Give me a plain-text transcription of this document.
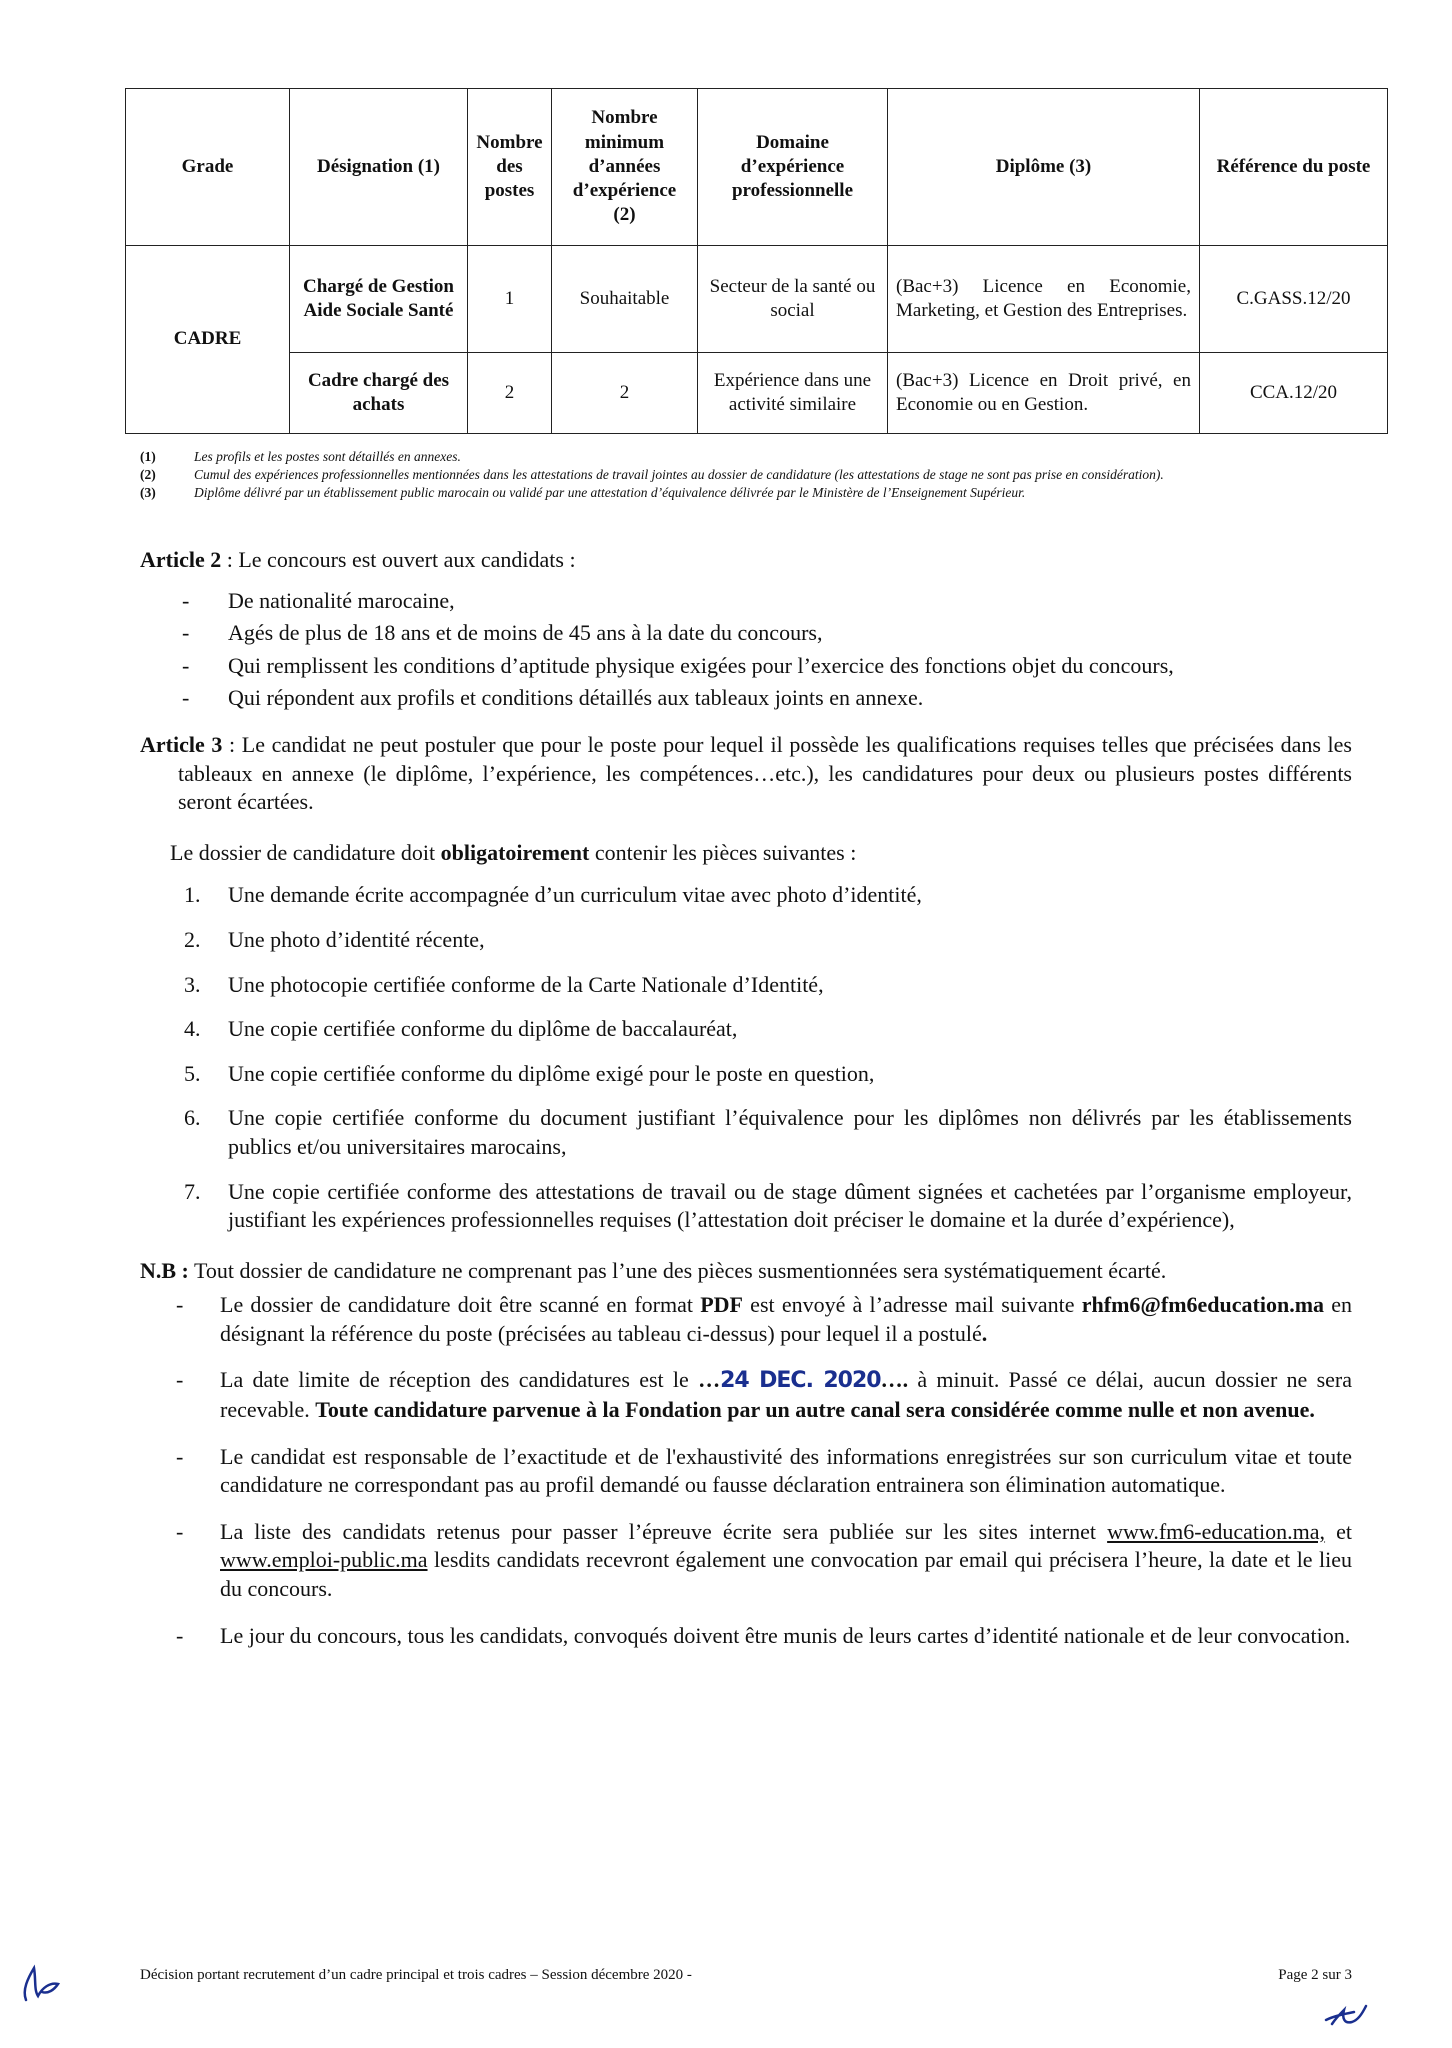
Grade	Désignation (1)	Nombre des postes	Nombre minimum d’années d’expérience (2)	Domaine d’expérience professionnelle	Diplôme (3)	Référence du poste
CADRE	Chargé de Gestion Aide Sociale Santé	1	Souhaitable	Secteur de la santé ou social	(Bac+3) Licence en Economie, Marketing, et Gestion des Entreprises.	C.GASS.12/20
	Cadre chargé des achats	2	2	Expérience dans une activité similaire	(Bac+3) Licence en Droit privé, en Economie ou en Gestion.	CCA.12/20
(1)	Les profils et les postes sont détaillés en annexes.
(2)	Cumul des expériences professionnelles mentionnées dans les attestations de travail jointes au dossier de candidature (les attestations de stage ne sont pas prise en considération).
(3)	Diplôme délivré par un établissement public marocain ou validé par une attestation d’équivalence délivrée par le Ministère de l’Enseignement Supérieur.

Article 2 : Le concours est ouvert aux candidats :

- De nationalité marocaine,
- Agés de plus de 18 ans et de moins de 45 ans à la date du concours,
- Qui remplissent les conditions d’aptitude physique exigées pour l’exercice des fonctions objet du concours,
- Qui répondent aux profils et conditions détaillés aux tableaux joints en annexe.

Article 3 : Le candidat ne peut postuler que pour le poste pour lequel il possède les qualifications requises telles que précisées dans les tableaux en annexe (le diplôme, l’expérience, les compétences…etc.), les candidatures pour deux ou plusieurs postes différents seront écartées.

Le dossier de candidature doit obligatoirement contenir les pièces suivantes :

Une demande écrite accompagnée d’un curriculum vitae avec photo d’identité,
Une photo d’identité récente,
Une photocopie certifiée conforme de la Carte Nationale d’Identité,
Une copie certifiée conforme du diplôme de baccalauréat,
Une copie certifiée conforme du diplôme exigé pour le poste en question,
Une copie certifiée conforme du document justifiant l’équivalence pour les diplômes non délivrés par les établissements publics et/ou universitaires marocains,
Une copie certifiée conforme des attestations de travail ou de stage dûment signées et cachetées par l’organisme employeur, justifiant les expériences professionnelles requises (l’attestation doit préciser le domaine et la durée d’expérience),

N.B : Tout dossier de candidature ne comprenant pas l’une des pièces susmentionnées sera systématiquement écarté.

- Le dossier de candidature doit être scanné en format PDF est envoyé à l’adresse mail suivante rhfm6@fm6education.ma en désignant la référence du poste (précisées au tableau ci-dessus) pour lequel il a postulé.
- La date limite de réception des candidatures est le …24 DEC. 2020…. à minuit. Passé ce délai, aucun dossier ne sera recevable. Toute candidature parvenue à la Fondation par un autre canal sera considérée comme nulle et non avenue.
- Le candidat est responsable de l’exactitude et de l'exhaustivité des informations enregistrées sur son curriculum vitae et toute candidature ne correspondant pas au profil demandé ou fausse déclaration entrainera son élimination automatique.
- La liste des candidats retenus pour passer l’épreuve écrite sera publiée sur les sites internet www.fm6-education.ma, et www.emploi-public.ma lesdits candidats recevront également une convocation par email qui précisera l’heure, la date et le lieu du concours.
- Le jour du concours, tous les candidats, convoqués doivent être munis de leurs cartes d’identité nationale et de leur convocation.
Décision portant recrutement d’un cadre principal et trois cadres – Session décembre 2020 -	Page 2 sur 3
